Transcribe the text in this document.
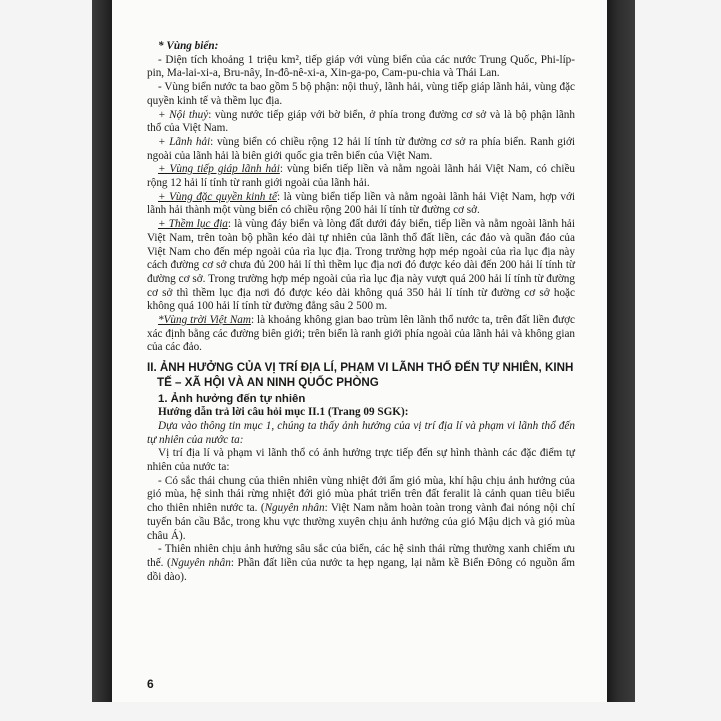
* Vùng biển:

- Diện tích khoảng 1 triệu km², tiếp giáp với vùng biển của các nước Trung Quốc, Phi-líp-pin, Ma-lai-xi-a, Bru-nây, In-đô-nê-xi-a, Xin-ga-po, Cam-pu-chia và Thái Lan.

- Vùng biển nước ta bao gồm 5 bộ phận: nội thuỷ, lãnh hải, vùng tiếp giáp lãnh hải, vùng đặc quyền kinh tế và thềm lục địa.

+ Nội thuỷ: vùng nước tiếp giáp với bờ biển, ở phía trong đường cơ sở và là bộ phận lãnh thổ của Việt Nam.

+ Lãnh hải: vùng biển có chiều rộng 12 hải lí tính từ đường cơ sở ra phía biển. Ranh giới ngoài của lãnh hải là biên giới quốc gia trên biển của Việt Nam.

+ Vùng tiếp giáp lãnh hải: vùng biển tiếp liền và nằm ngoài lãnh hải Việt Nam, có chiều rộng 12 hải lí tính từ ranh giới ngoài của lãnh hải.

+ Vùng đặc quyền kinh tế: là vùng biển tiếp liền và nằm ngoài lãnh hải Việt Nam, hợp với lãnh hải thành một vùng biển có chiều rộng 200 hải lí tính từ đường cơ sở.

+ Thềm lục địa: là vùng đáy biển và lòng đất dưới đáy biển, tiếp liền và nằm ngoài lãnh hải Việt Nam, trên toàn bộ phần kéo dài tự nhiên của lãnh thổ đất liền, các đảo và quần đảo của Việt Nam cho đến mép ngoài của rìa lục địa. Trong trường hợp mép ngoài của rìa lục địa này cách đường cơ sở chưa đủ 200 hải lí thì thềm lục địa nơi đó được kéo dài đến 200 hải lí tính từ đường cơ sở. Trong trường hợp mép ngoài của rìa lục địa này vượt quá 200 hải lí tính từ đường cơ sở thì thềm lục địa nơi đó được kéo dài không quá 350 hải lí tính từ đường cơ sở hoặc không quá 100 hải lí tính từ đường đẳng sâu 2 500 m.

*Vùng trời Việt Nam: là khoảng không gian bao trùm lên lãnh thổ nước ta, trên đất liền được xác định bằng các đường biên giới; trên biển là ranh giới phía ngoài của lãnh hải và không gian của các đảo.

II. ẢNH HƯỞNG CỦA VỊ TRÍ ĐỊA LÍ, PHẠM VI LÃNH THỔ ĐẾN TỰ NHIÊN, KINH TẾ – XÃ HỘI VÀ AN NINH QUỐC PHÒNG

1. Ảnh hưởng đến tự nhiên

Hướng dẫn trả lời câu hỏi mục II.1 (Trang 09 SGK):

Dựa vào thông tin mục 1, chúng ta thấy ảnh hưởng của vị trí địa lí và phạm vi lãnh thổ đến tự nhiên của nước ta:

Vị trí địa lí và phạm vi lãnh thổ có ảnh hưởng trực tiếp đến sự hình thành các đặc điểm tự nhiên của nước ta:

- Có sắc thái chung của thiên nhiên vùng nhiệt đới ẩm gió mùa, khí hậu chịu ảnh hưởng của gió mùa, hệ sinh thái rừng nhiệt đới gió mùa phát triển trên đất feralit là cảnh quan tiêu biểu cho thiên nhiên nước ta. (Nguyên nhân: Việt Nam nằm hoàn toàn trong vành đai nóng nội chí tuyến bán cầu Bắc, trong khu vực thường xuyên chịu ảnh hưởng của gió Mậu dịch và gió mùa châu Á).

- Thiên nhiên chịu ảnh hưởng sâu sắc của biển, các hệ sinh thái rừng thường xanh chiếm ưu thế. (Nguyên nhân: Phần đất liền của nước ta hẹp ngang, lại nằm kề Biển Đông có nguồn ẩm dồi dào).

6
